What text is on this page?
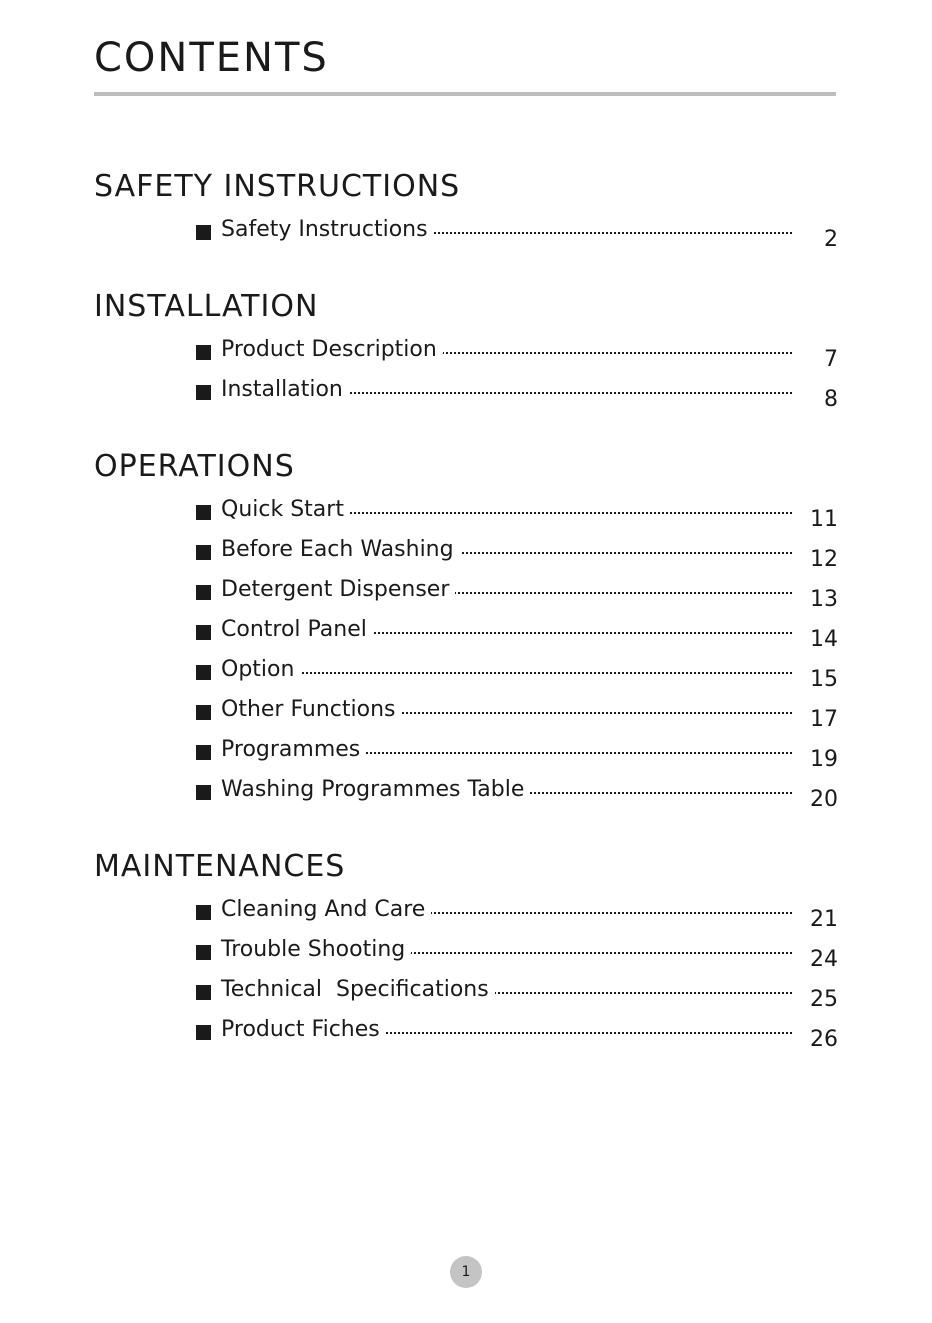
CONTENTS
SAFETY INSTRUCTIONS
Safety Instructions	2
INSTALLATION
Product Description	7
Installation	8
OPERATIONS
Quick Start	11
Before Each Washing	12
Detergent Dispenser	13
Control Panel	14
Option	15
Other Functions	17
Programmes	19
Washing Programmes Table	20
MAINTENANCES
Cleaning And Care	21
Trouble Shooting	24
Technical  Specifications	25
Product Fiches	26
1
